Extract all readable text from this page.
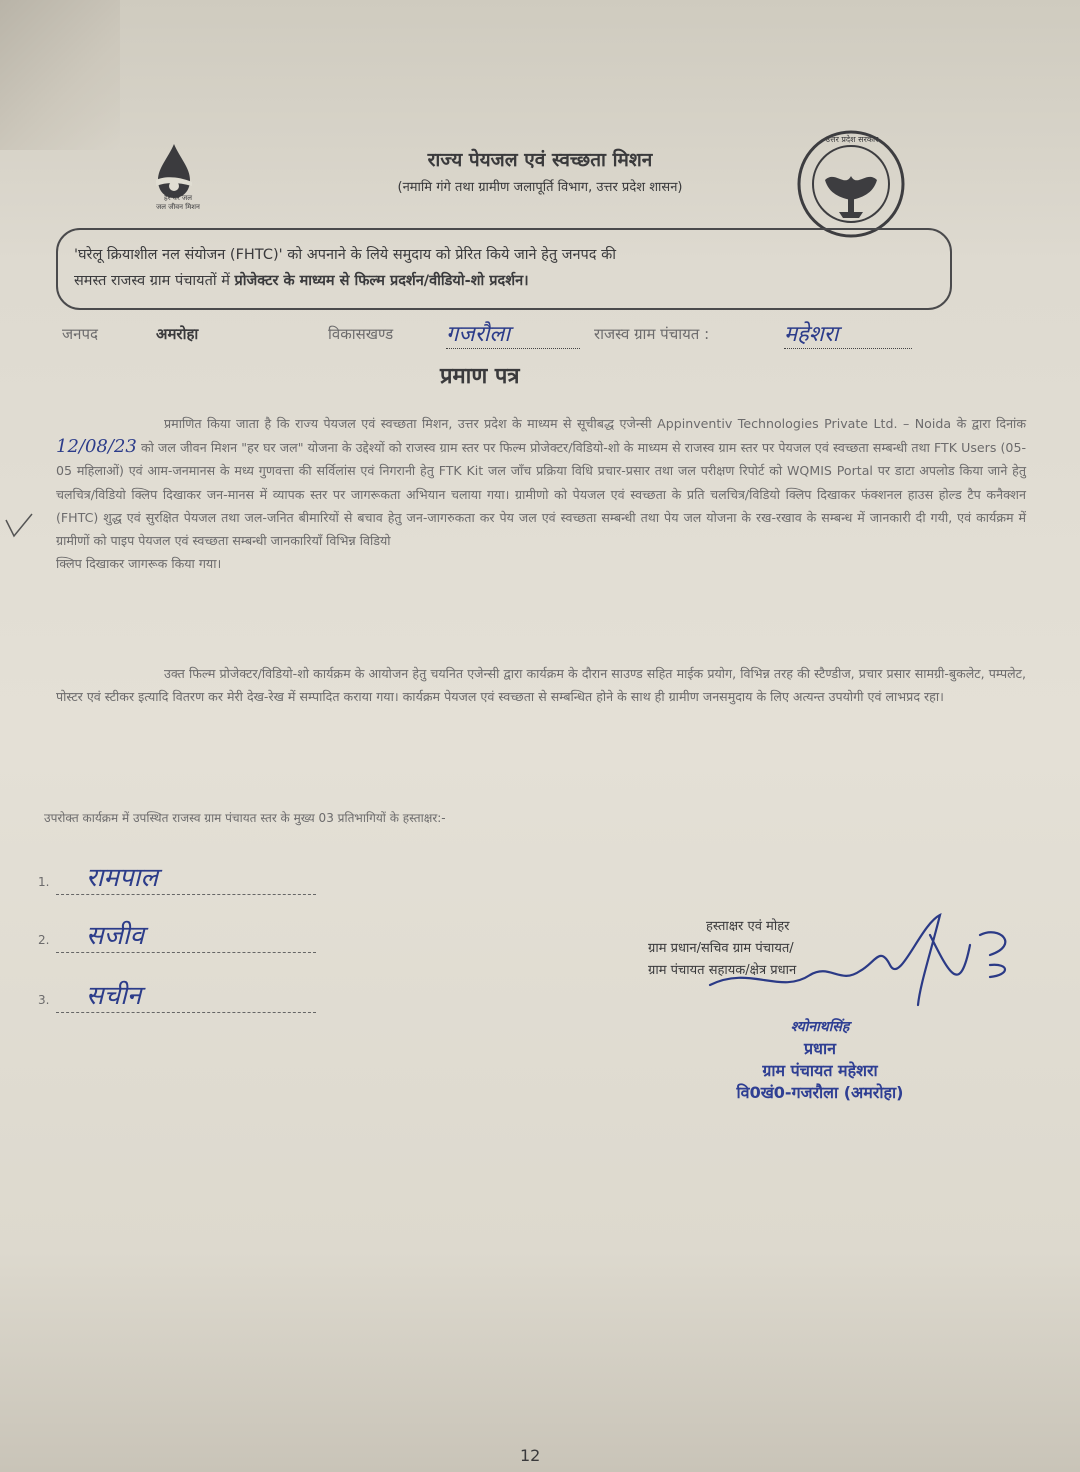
हर घर जल
जल जीवन मिशन
उत्तर प्रदेश सरकार
राज्य पेयजल एवं स्वच्छता मिशन
(नमामि गंगे तथा ग्रामीण जलापूर्ति विभाग, उत्तर प्रदेश शासन)
'घरेलू क्रियाशील नल संयोजन (FHTC)' को अपनाने के लिये समुदाय को प्रेरित किये जाने हेतु जनपद की
समस्त राजस्व ग्राम पंचायतों में प्रोजेक्टर के माध्यम से फिल्म प्रदर्शन/वीडियो-शो प्रदर्शन।
जनपद	अमरोहा	विकासखण्ड गजरौला	राजस्व ग्राम पंचायत :	महेशरा
प्रमाण पत्र

प्रमाणित किया जाता है कि राज्य पेयजल एवं स्वच्छता मिशन, उत्तर प्रदेश के माध्यम से सूचीबद्ध एजेन्सी Appinventiv Technologies Private Ltd. – Noida के द्वारा दिनांक 12/08/23 को जल जीवन मिशन "हर घर जल" योजना के उद्देश्यों को राजस्व ग्राम स्तर पर फिल्म प्रोजेक्टर/विडियो-शो के माध्यम से राजस्व ग्राम स्तर पर पेयजल एवं स्वच्छता सम्बन्धी तथा FTK Users (05-05 महिलाओं) एवं आम-जनमानस के मध्य गुणवत्ता की सर्विलांस एवं निगरानी हेतु FTK Kit जल जाँच प्रक्रिया विधि प्रचार-प्रसार तथा जल परीक्षण रिपोर्ट को WQMIS Portal पर डाटा अपलोड किया जाने हेतु चलचित्र/विडियो क्लिप दिखाकर जन-मानस में व्यापक स्तर पर जागरूकता अभियान चलाया गया। ग्रामीणो को पेयजल एवं स्वच्छता के प्रति चलचित्र/विडियो क्लिप दिखाकर फंक्शनल हाउस होल्ड टैप कनैक्शन (FHTC) शुद्ध एवं सुरक्षित पेयजल तथा जल-जनित बीमारियों से बचाव हेतु जन-जागरुकता कर पेय जल एवं स्वच्छता सम्बन्धी तथा पेय जल योजना के रख-रखाव के सम्बन्ध में जानकारी दी गयी, एवं कार्यक्रम में ग्रामीणों को पाइप पेयजल एवं स्वच्छता सम्बन्धी जानकारियाँ विभिन्न विडियो

क्लिप दिखाकर जागरूक किया गया।

उक्त फिल्म प्रोजेक्टर/विडियो-शो कार्यक्रम के आयोजन हेतु चयनित एजेन्सी द्वारा कार्यक्रम के दौरान साउण्ड सहित माईक प्रयोग, विभिन्न तरह की स्टैण्डीज, प्रचार प्रसार सामग्री-बुकलेट, पम्पलेट, पोस्टर एवं स्टीकर इत्यादि वितरण कर मेरी देख-रेख में सम्पादित कराया गया। कार्यक्रम पेयजल एवं स्वच्छता से सम्बन्धित होने के साथ ही ग्रामीण जनसमुदाय के लिए अत्यन्त उपयोगी एवं लाभप्रद रहा।

उपरोक्त कार्यक्रम में उपस्थित राजस्व ग्राम पंचायत स्तर के मुख्य 03 प्रतिभागियों के हस्ताक्षर:-
1. रामपाल
2. सजीव
3. सचीन
हस्ताक्षर एवं मोहर
ग्राम प्रधान/सचिव ग्राम पंचायत/
ग्राम पंचायत सहायक/क्षेत्र प्रधान
श्योनाथसिंह
प्रधान
ग्राम पंचायत महेशरा
वि0खं0-गजरौला (अमरोहा)
12
